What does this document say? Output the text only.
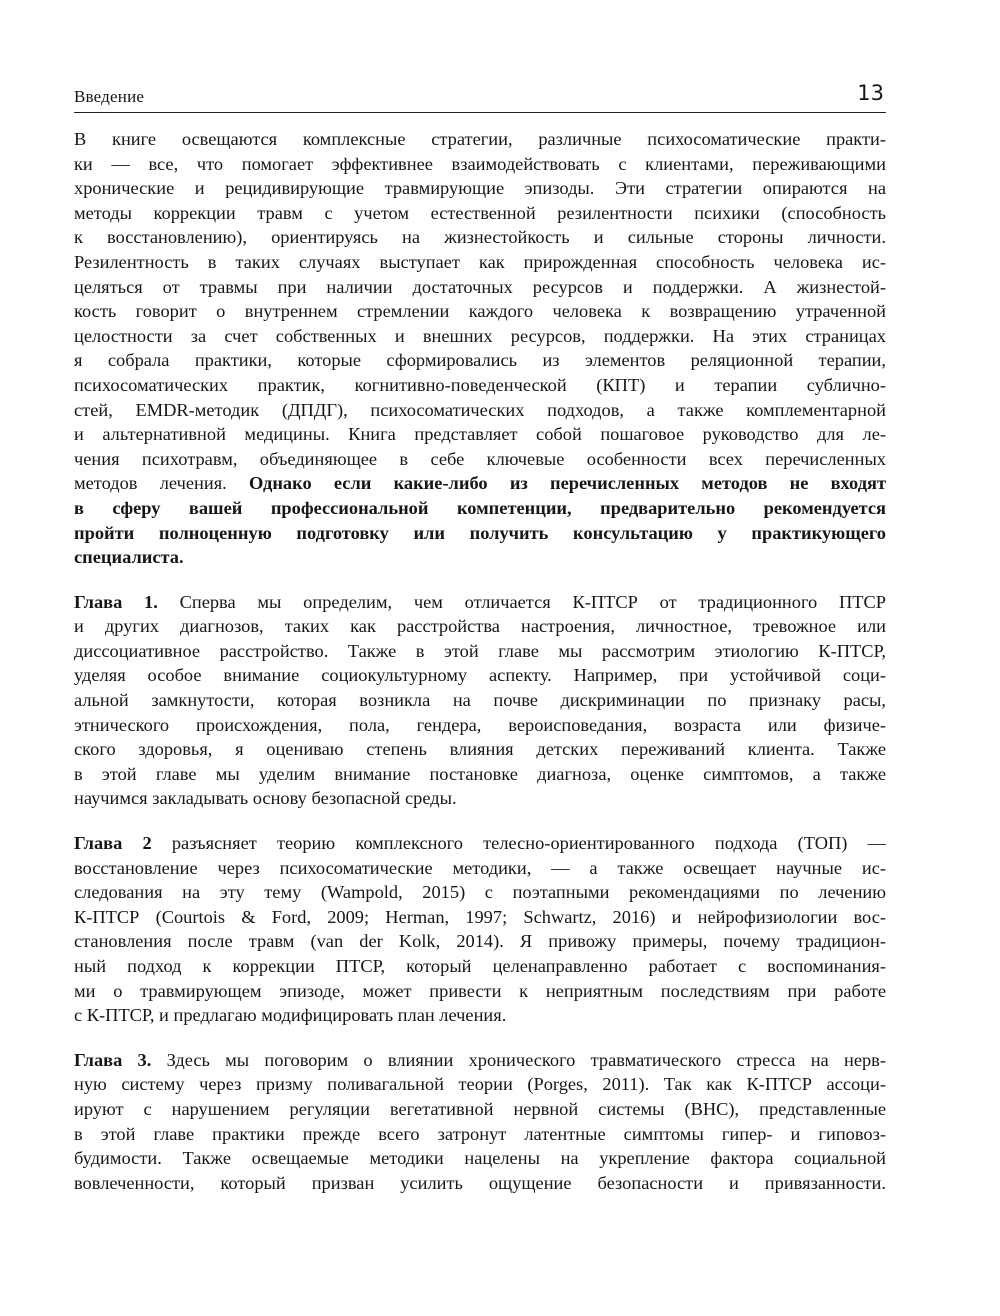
Введение	13
В книге освещаются комплексные стратегии, различные психосоматические практи-
ки — все, что помогает эффективнее взаимодействовать с клиентами, переживающими
хронические и рецидивирующие травмирующие эпизоды. Эти стратегии опираются на
методы коррекции травм с учетом естественной резилентности психики (способность
к восстановлению), ориентируясь на жизнестойкость и сильные стороны личности.
Резилентность в таких случаях выступает как прирожденная способность человека ис-
целяться от травмы при наличии достаточных ресурсов и поддержки. А жизнестой-
кость говорит о внутреннем стремлении каждого человека к возвращению утраченной
целостности за счет собственных и внешних ресурсов, поддержки. На этих страницах
я собрала практики, которые сформировались из элементов реляционной терапии,
психосоматических практик, когнитивно-поведенческой (КПТ) и терапии субличнo-
стей, EMDR-методик (ДПДГ), психосоматических подходов, а также комплементарной
и альтернативной медицины. Книга представляет собой пошаговое руководство для ле-
чения психотравм, объединяющее в себе ключевые особенности всех перечисленных
методов лечения. Однако если какие-либо из перечисленных методов не входят
в сферу вашей профессиональной компетенции, предварительно рекомендуется
пройти полноценную подготовку или получить консультацию у практикующего
специалиста.
Глава 1. Сперва мы определим, чем отличается К-ПТСР от традиционного ПТСР
и других диагнозов, таких как расстройства настроения, личностное, тревожное или
диссоциативное расстройство. Также в этой главе мы рассмотрим этиологию К-ПТСР,
уделяя особое внимание социокультурному аспекту. Например, при устойчивой соци-
альной замкнутости, которая возникла на почве дискриминации по признаку расы,
этнического происхождения, пола, гендера, вероисповедания, возраста или физиче-
ского здоровья, я оцениваю степень влияния детских переживаний клиента. Также
в этой главе мы уделим внимание постановке диагноза, оценке симптомов, а также
научимся закладывать основу безопасной среды.
Глава 2 разъясняет теорию комплексного телесно-ориентированного подхода (ТОП) —
восстановление через психосоматические методики, — а также освещает научные ис-
следования на эту тему (Wampold, 2015) с поэтапными рекомендациями по лечению
К-ПТСР (Courtois & Ford, 2009; Herman, 1997; Schwartz, 2016) и нейрофизиологии вос-
становления после травм (van der Kolk, 2014). Я привожу примеры, почему традицион-
ный подход к коррекции ПТСР, который целенаправленно работает с воспоминания-
ми о травмирующем эпизоде, может привести к неприятным последствиям при работе
с К-ПТСР, и предлагаю модифицировать план лечения.
Глава 3. Здесь мы поговорим о влиянии хронического травматического стресса на нерв-
ную систему через призму поливагальной теории (Porges, 2011). Так как К-ПТСР ассоци-
ируют с нарушением регуляции вегетативной нервной системы (ВНС), представленные
в этой главе практики прежде всего затронут латентные симптомы гипер- и гиповоз-
будимости. Также освещаемые методики нацелены на укрепление фактора социальной
вовлеченности, который призван усилить ощущение безопасности и привязанности.
